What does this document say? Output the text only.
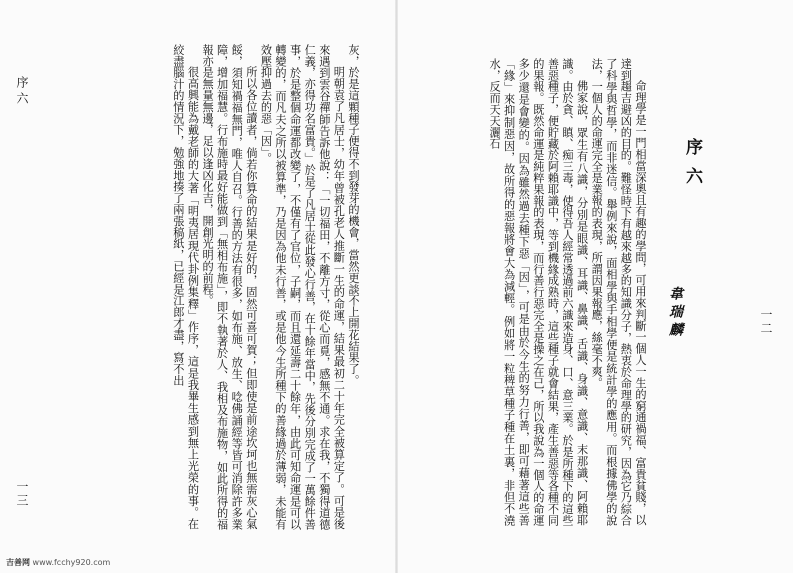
序六	灰，於是這顆種子便得不到發芽的機會，當然更談不上開花結果了。

明朝袁了凡居士，幼年曾被孔老人推斷一生的命運，結果最初二十年完全被算定了。可是後來遇到雲谷禪師告訴他說：「一切福田，不離方寸，從心而覓，感無不通。求在我，不獨得道德仁義，亦得功名富貴。」於是了凡居士從此發心行善，在十餘年當中，先後分別完成了一萬餘件善事，於是整個命運都改變了，不僅有了官位，子嗣，而且還延壽二十餘年，由此可知命運是可以轉變的，而凡夫之所以被算準，乃是因為他未行善，或是他今生所種下的善緣過於薄弱，未能有效壓抑過去的惡「因」。

所以各位讀者，倘若你算命的結果是好的，固然可喜可賀；但即使是前途坎坷也無需灰心氣餒，須知禍福無門，唯人自召。行善的方法有很多，如布施、放生、唸佛誦經等皆可消除許多業障，增加福慧。行布施時最好能做到「無相布施」，即不執著於人、我相及布施物，如此所得的福報亦是無量無邊，足以逢凶化吉，開創光明的前程。

很高興能為戴老師的大著「明夷居現代卦例集釋」作序，這是我畢生感到無上光榮的事。在絞盡腦汁的情況下，勉強地揍了兩張稿紙，已經是江郎才盡，寫不出

一三	命理學是一門相當深奧且有趣的學問，可用來判斷一個人一生的窮通禍福、富貴貧賤，以達到趨吉避凶的目的。難怪時下有越來越多的知識分子，熱衷於命理學的研究，因為它乃綜合了科學與哲學，而非迷信。舉例來說，面相學與手相學便是統計學的應用。而根據佛學的說法，一個人的命運完全是業報的表現，所謂因果報應，絲毫不爽。

佛家說，眾生有八識，分別是眼識、耳識、鼻識、舌識、身識、意識、末那識、阿賴耶識。由於貪、瞋、痴三毒，使得吾人經常透過前六識來造身、口、意三業。於是所種下的這些善惡種子，便貯藏於阿賴耶識中，等到機緣成熟時，這些種子就會結果，產生善惡等各種不同的果報。既然命運是純粹果報的表現，而行善行惡完全是操之在己，所以我說為一個人的命運多少還是會變的。因為雖然過去種下惡「因」，可是由於今生的努力行善，即可藉著這些善「緣」來抑制惡因，故所得的惡報將會大為減輕。例如將一粒稗草種子種在土裏，非但不澆水，反而天天灑石

序六
韋瑞麟	一二
吉善网 www.fcchy920.com
